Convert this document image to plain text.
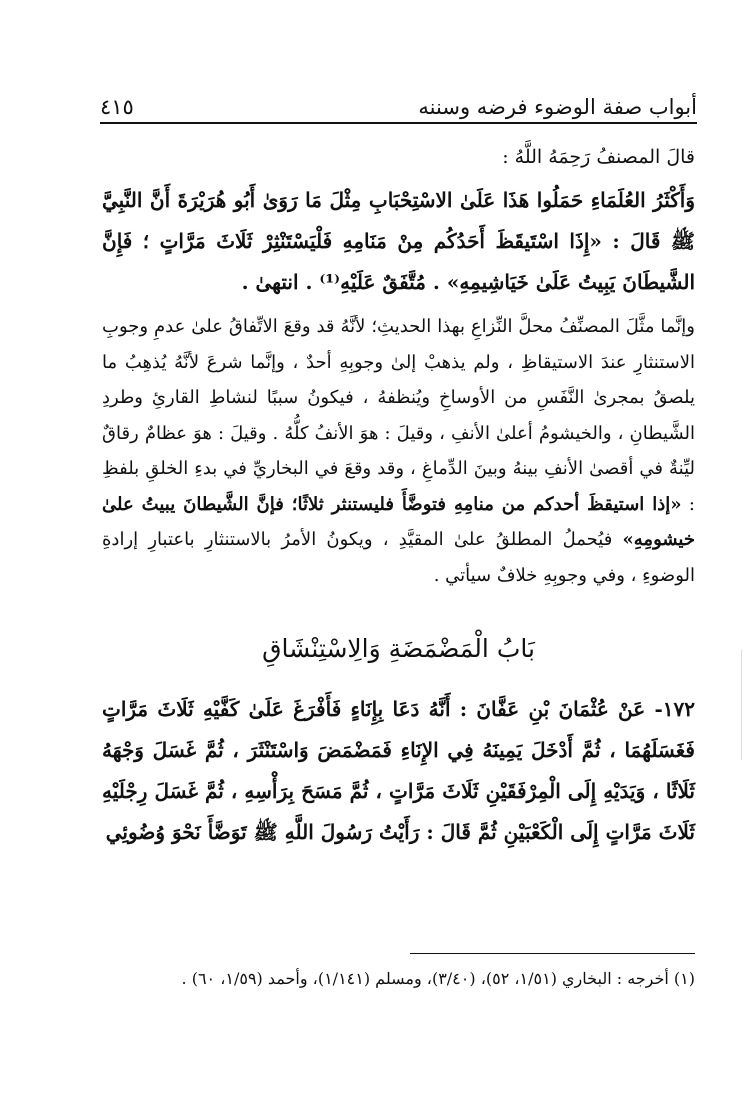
٤١٥	أبواب صفة الوضوء فرضه وسننه

قالَ المصنفُ رَحِمَهُ اللَّهُ :

وَأَكْثَرُ العُلَمَاءِ حَمَلُوا هَذَا عَلَىٰ الاسْتِحْبَابِ مِثْلَ مَا رَوَىٰ أَبُو هُرَيْرَةَ أَنَّ النَّبِيَّ ﷺ قَالَ : «إِذَا اسْتَيقَظَ أَحَدُكُم مِنْ مَنَامِهِ فَلْيَسْتَنْثِرْ ثَلَاثَ مَرَّاتٍ ؛ فَإِنَّ الشَّيطَانَ يَبِيتُ عَلَىٰ خَيَاشِيمِهِ» . مُتَّفَقٌ عَلَيْهِ⁽¹⁾ . انتهىٰ .

وإنَّما مثَّلَ المصنِّفُ محلَّ النِّزاعِ بهذا الحديثِ؛ لأنَّهُ قد وقعَ الاتِّفاقُ علىٰ عدمِ وجوبِ الاستنثارِ عندَ الاستيقاظِ ، ولم يذهبْ إلىٰ وجوبِهِ أحدٌ ، وإنَّما شرعَ لأنَّهُ يُذهِبُ ما يلصقُ بمجرىٰ النَّفَسِ من الأوساخِ ويُنظفهُ ، فيكونُ سببًا لنشاطِ القارئِ وطردِ الشَّيطانِ ، والخيشومُ أعلىٰ الأنفِ ، وقيلَ : هوَ الأنفُ كلُّهُ . وقيلَ : هوَ عظامٌ رقاقٌ ليِّنةٌ في أقصىٰ الأنفِ بينهُ وبينَ الدِّماغِ ، وقد وقعَ في البخاريِّ في بدءِ الخلقِ بلفظِ : «إذا استيقظَ أحدكم من منامِهِ فتوضَّأَ فليستنثر ثلاثًا؛ فإنَّ الشَّيطانَ يبيتُ علىٰ خيشومِهِ» فيُحملُ المطلقُ علىٰ المقيَّدِ ، ويكونُ الأمرُ بالاستنثارِ باعتبارِ إرادةِ الوضوءِ ، وفي وجوبِهِ خلافٌ سيأتي .

بَابُ الْمَضْمَضَةِ وَالِاسْتِنْشَاقِ

١٧٢- عَنْ عُثْمَانَ بْنِ عَفَّانَ : أَنَّهُ دَعَا بِإِنَاءٍ فَأَفْرَغَ عَلَىٰ كَفَّيْهِ ثَلَاثَ مَرَّاتٍ فَغَسَلَهُمَا ، ثُمَّ أَدْخَلَ يَمِينَهُ فِي الإِنَاءِ فَمَضْمَضَ وَاسْتَنْثَرَ ، ثُمَّ غَسَلَ وَجْهَهُ ثَلَاثًا ، وَيَدَيْهِ إِلَى الْمِرْفَقَيْنِ ثَلَاثَ مَرَّاتٍ ، ثُمَّ مَسَحَ بِرَأْسِهِ ، ثُمَّ غَسَلَ رِجْلَيْهِ ثَلَاثَ مَرَّاتٍ إِلَى الْكَعْبَيْنِ ثُمَّ قَالَ : رَأَيْتُ رَسُولَ اللَّهِ ﷺ تَوَضَّأَ نَحْوَ وُضُوئِي

(١) أخرجه : البخاري (١/٥١، ٥٢)، (٣/٤٠)، ومسلم (١/١٤١)، وأحمد (١/٥٩، ٦٠) .
